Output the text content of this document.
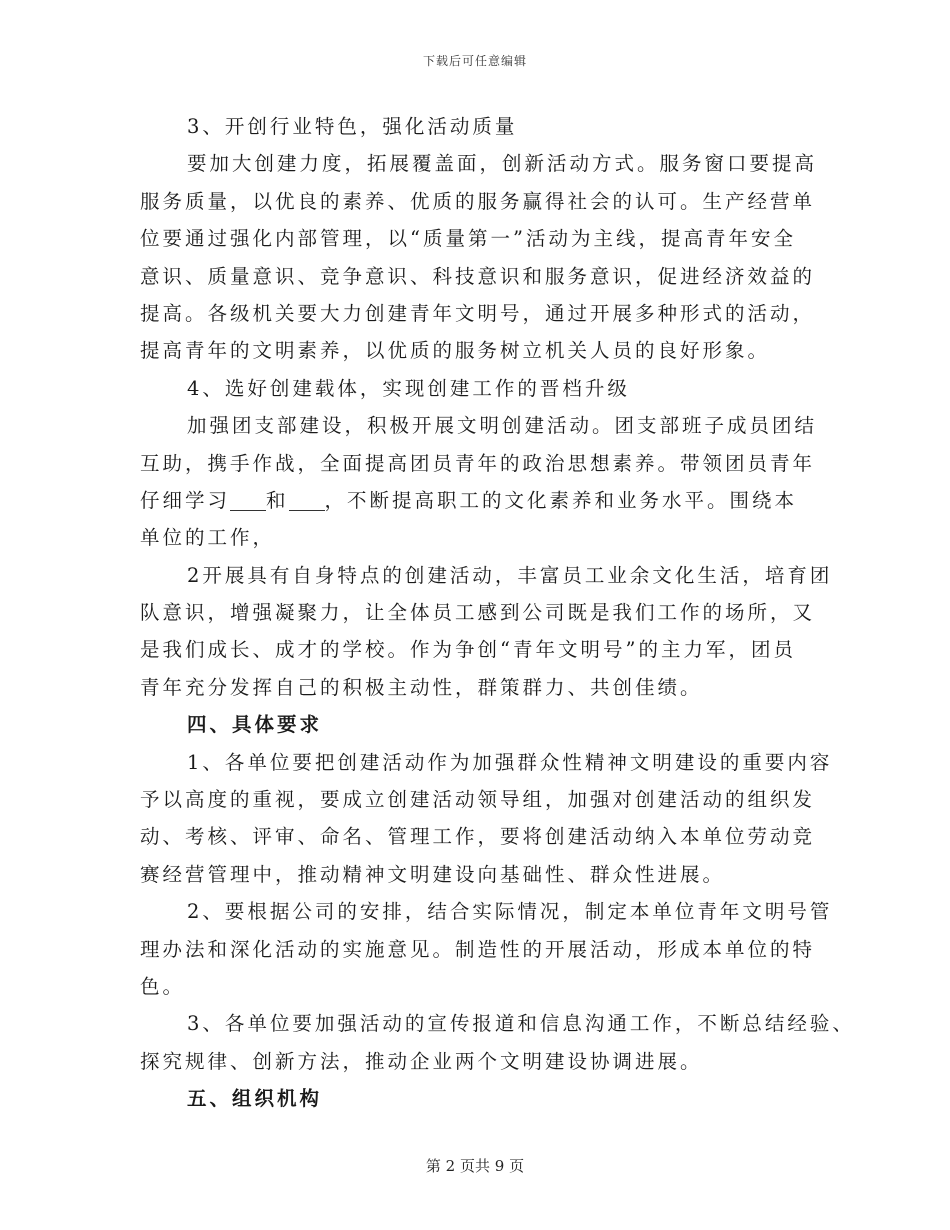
下载后可任意编辑
3、开创行业特色，强化活动质量
要加大创建力度，拓展覆盖面，创新活动方式。服务窗口要提高
服务质量，以优良的素养、优质的服务赢得社会的认可。生产经营单
位要通过强化内部管理，以“质量第一”活动为主线，提高青年安全
意识、质量意识、竞争意识、科技意识和服务意识，促进经济效益的
提高。各级机关要大力创建青年文明号，通过开展多种形式的活动，
提高青年的文明素养，以优质的服务树立机关人员的良好形象。
4、选好创建载体，实现创建工作的晋档升级
加强团支部建设，积极开展文明创建活动。团支部班子成员团结
互助，携手作战，全面提高团员青年的政治思想素养。带领团员青年
仔细学习 和 ，不断提高职工的文化素养和业务水平。围绕本
单位的工作，
2开展具有自身特点的创建活动，丰富员工业余文化生活，培育团
队意识，增强凝聚力，让全体员工感到公司既是我们工作的场所，又
是我们成长、成才的学校。作为争创“青年文明号”的主力军，团员
青年充分发挥自己的积极主动性，群策群力、共创佳绩。
四、具体要求
1、各单位要把创建活动作为加强群众性精神文明建设的重要内容
予以高度的重视，要成立创建活动领导组，加强对创建活动的组织发
动、考核、评审、命名、管理工作，要将创建活动纳入本单位劳动竞
赛经营管理中，推动精神文明建设向基础性、群众性进展。
2、要根据公司的安排，结合实际情况，制定本单位青年文明号管
理办法和深化活动的实施意见。制造性的开展活动，形成本单位的特
色。
3、各单位要加强活动的宣传报道和信息沟通工作，不断总结经验、
探究规律、创新方法，推动企业两个文明建设协调进展。
五、组织机构
第 2 页共 9 页
